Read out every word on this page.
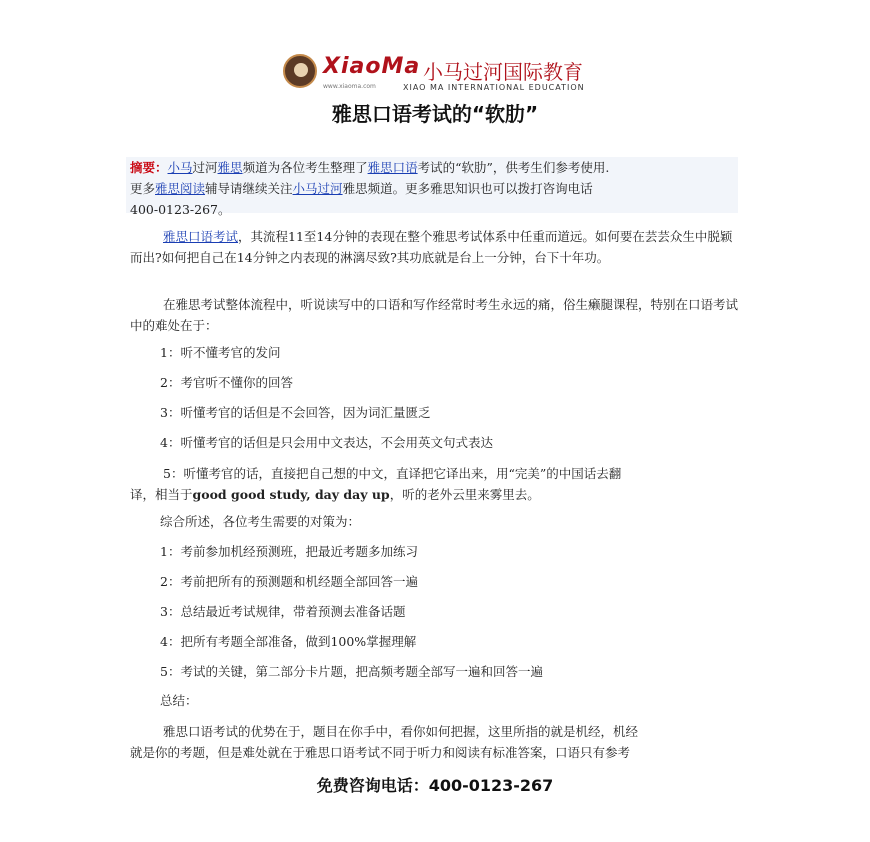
XiaoMa 小马过河国际教育
www.xiaoma.com	XIAO MA INTERNATIONAL EDUCATION
雅思口语考试的“软肋”
摘要：小马过河雅思频道为各位考生整理了雅思口语考试的“软肋”，供考生们参考使用.
更多雅思阅读辅导请继续关注小马过河雅思频道。更多雅思知识也可以拨打咨询电话
400-0123-267。
雅思口语考试，其流程11至14分钟的表现在整个雅思考试体系中任重而道远。如何要在芸芸众生中脱颖而出?如何把自己在14分钟之内表现的淋漓尽致?其功底就是台上一分钟，台下十年功。
在雅思考试整体流程中，听说读写中的口语和写作经常时考生永远的痛，俗生癞腿课程，特别在口语考试中的难处在于：
1：听不懂考官的发问
2：考官听不懂你的回答
3：听懂考官的话但是不会回答，因为词汇量匮乏
4：听懂考官的话但是只会用中文表达，不会用英文句式表达
5：听懂考官的话，直接把自己想的中文，直译把它译出来，用“完美”的中国话去翻
译，相当于good good study, day day up，听的老外云里来雾里去。
综合所述，各位考生需要的对策为：
1：考前参加机经预测班，把最近考题多加练习
2：考前把所有的预测题和机经题全部回答一遍
3：总结最近考试规律，带着预测去准备话题
4：把所有考题全部准备，做到100%掌握理解
5：考试的关键，第二部分卡片题，把高频考题全部写一遍和回答一遍
总结：
雅思口语考试的优势在于，题目在你手中，看你如何把握，这里所指的就是机经，机经
就是你的考题，但是难处就在于雅思口语考试不同于听力和阅读有标准答案，口语只有参考
免费咨询电话：400-0123-267
